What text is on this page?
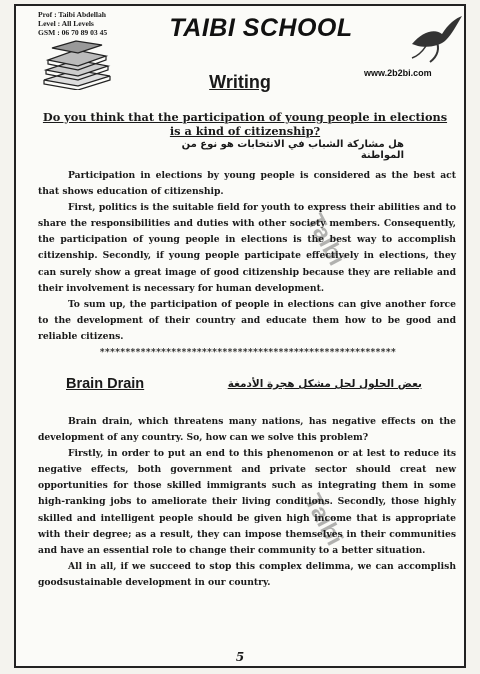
Prof : Taibi Abdellah
Level : All Levels
GSM : 06 70 89 03 45	TAIBI SCHOOL
www.2b2bi.com
Writing
Do you think that the participation of young people in elections is a kind of citizenship?
هل مشاركة الشباب في الانتخابات هو نوع من المواطنة

Participation in elections by young people is considered as the best act that shows education of citizenship.

First, politics is the suitable field for youth to express their abilities and to share the responsibilities and duties with other society members. Consequently, the participation of young people in elections is the best way to accomplish citizenship. Secondly, if young people participate effectively in elections, they can surely show a great image of good citizenship because they are reliable and their involvement is necessary for human development.

To sum up, the participation of people in elections can give another force to the development of their country and educate them how to be good and reliable citizens.

**********************************************************
Brain Drain	بعض الحلول لحل مشكل هجرة الأدمغة

Brain drain, which threatens many nations, has negative effects on the development of any country. So, how can we solve this problem?

Firstly, in order to put an end to this phenomenon or at lest to reduce its negative effects, both government and private sector should creat new opportunities for those skilled immigrants such as integrating them in some high-ranking jobs to ameliorate their living conditions. Secondly, those highly skilled and intelligent people should be given high income that is appropriate with their degree; as a result, they can impose themselves in their communities and have an essential role to change their community to a better situation.

All in all, if we succeed to stop this complex delimma, we can accomplish goodsustainable development in our country.

Taibi
Taibi
5
